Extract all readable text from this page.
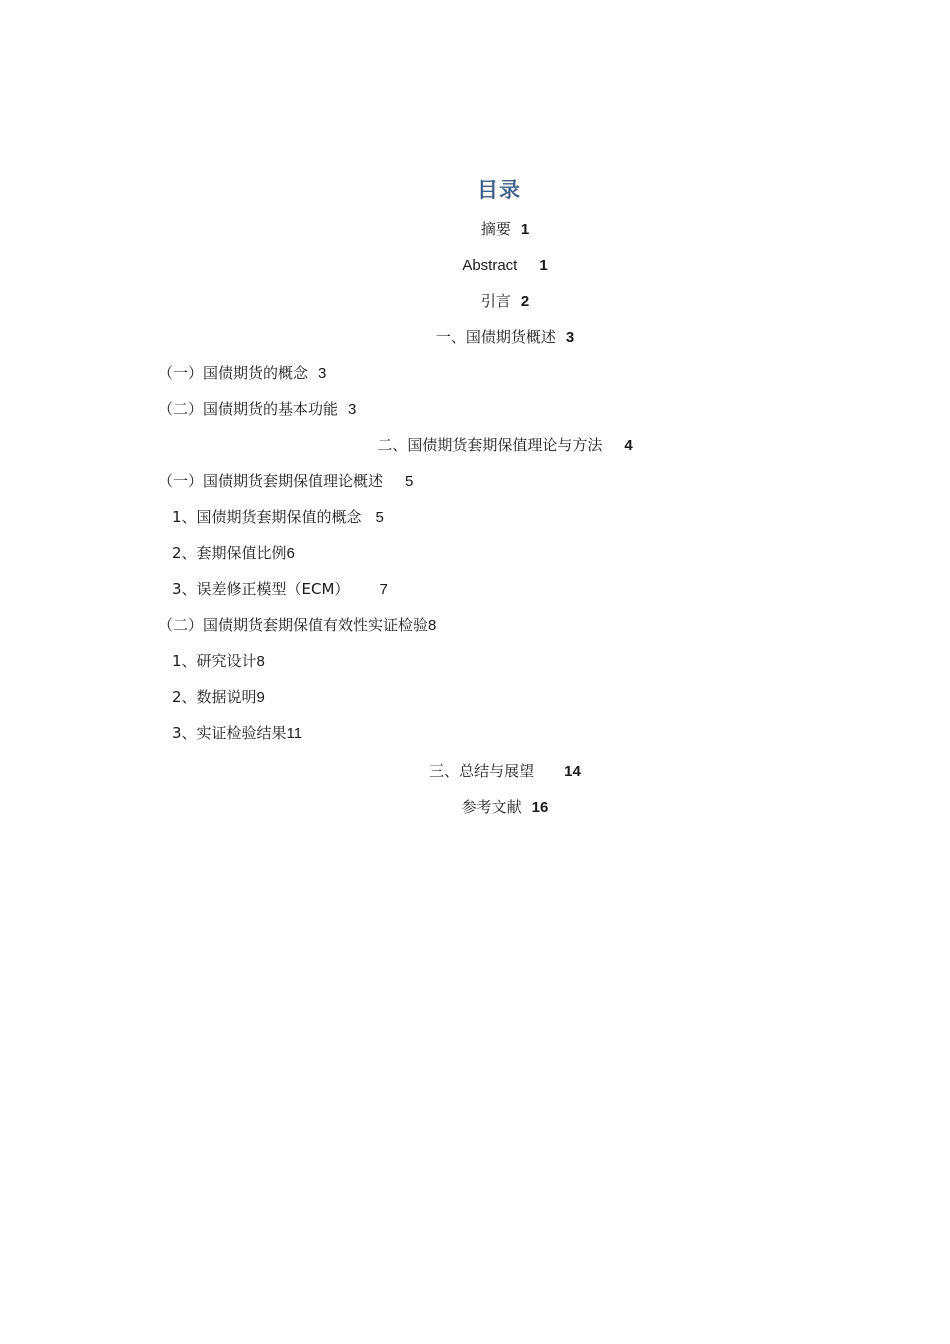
目录
摘要 1
Abstract 1
引言 2
一、国债期货概述 3
（一）国债期货的概念 3
（二）国债期货的基本功能 3
二、国债期货套期保值理论与方法 4
（一）国债期货套期保值理论概述 5
1、国债期货套期保值的概念 5
2、套期保值比例6
3、误差修正模型（ECM） 7
（二）国债期货套期保值有效性实证检验8
1、研究设计8
2、数据说明9
3、实证检验结果11
三、总结与展望 14
参考文献 16
